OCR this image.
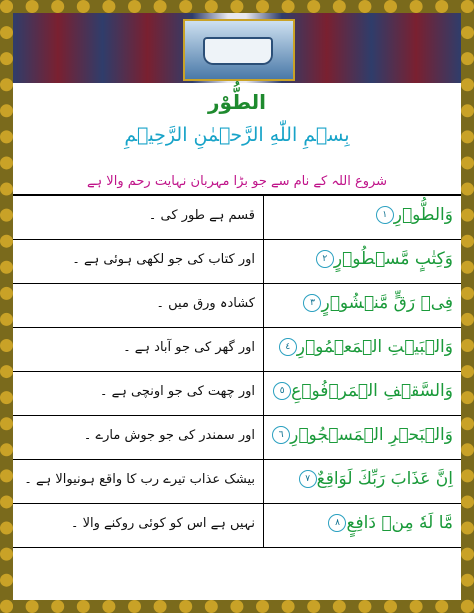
الطُّوْر
بِسۡمِ اللّٰهِ الرَّحۡمٰنِ الرَّحِيۡمِ
شروع اللہ کے نام سے جو بڑا مہربان نہایت رحم والا ہے
قسم ہے طور کی ۔	وَالطُّوۡرِ١
اور کتاب کی جو لکھی ہوئی ہے ۔	وَكِتٰبٍ مَّسۡطُوۡرٍ٢
کشادہ ورق میں ۔	فِىۡ رَقٍّ مَّنۡشُوۡرٍ٣
اور گھر کی جو آباد ہے ۔	وَالۡبَيۡتِ الۡمَعۡمُوۡرِ٤
اور چھت کی جو اونچی ہے ۔	وَالسَّقۡفِ الۡمَرۡفُوۡعِ٥
اور سمندر کی جو جوش مارے ۔	وَالۡبَحۡرِ الۡمَسۡجُوۡرِ٦
بیشک عذاب تیرے رب کا واقع ہونیوالا ہے ۔	اِنَّ عَذَابَ رَبِّكَ لَوَاقِعٌ٧
نہیں ہے اس کو کوئی روکنے والا ۔	مَّا لَهٗ مِنۡ دَافِعٍ٨
